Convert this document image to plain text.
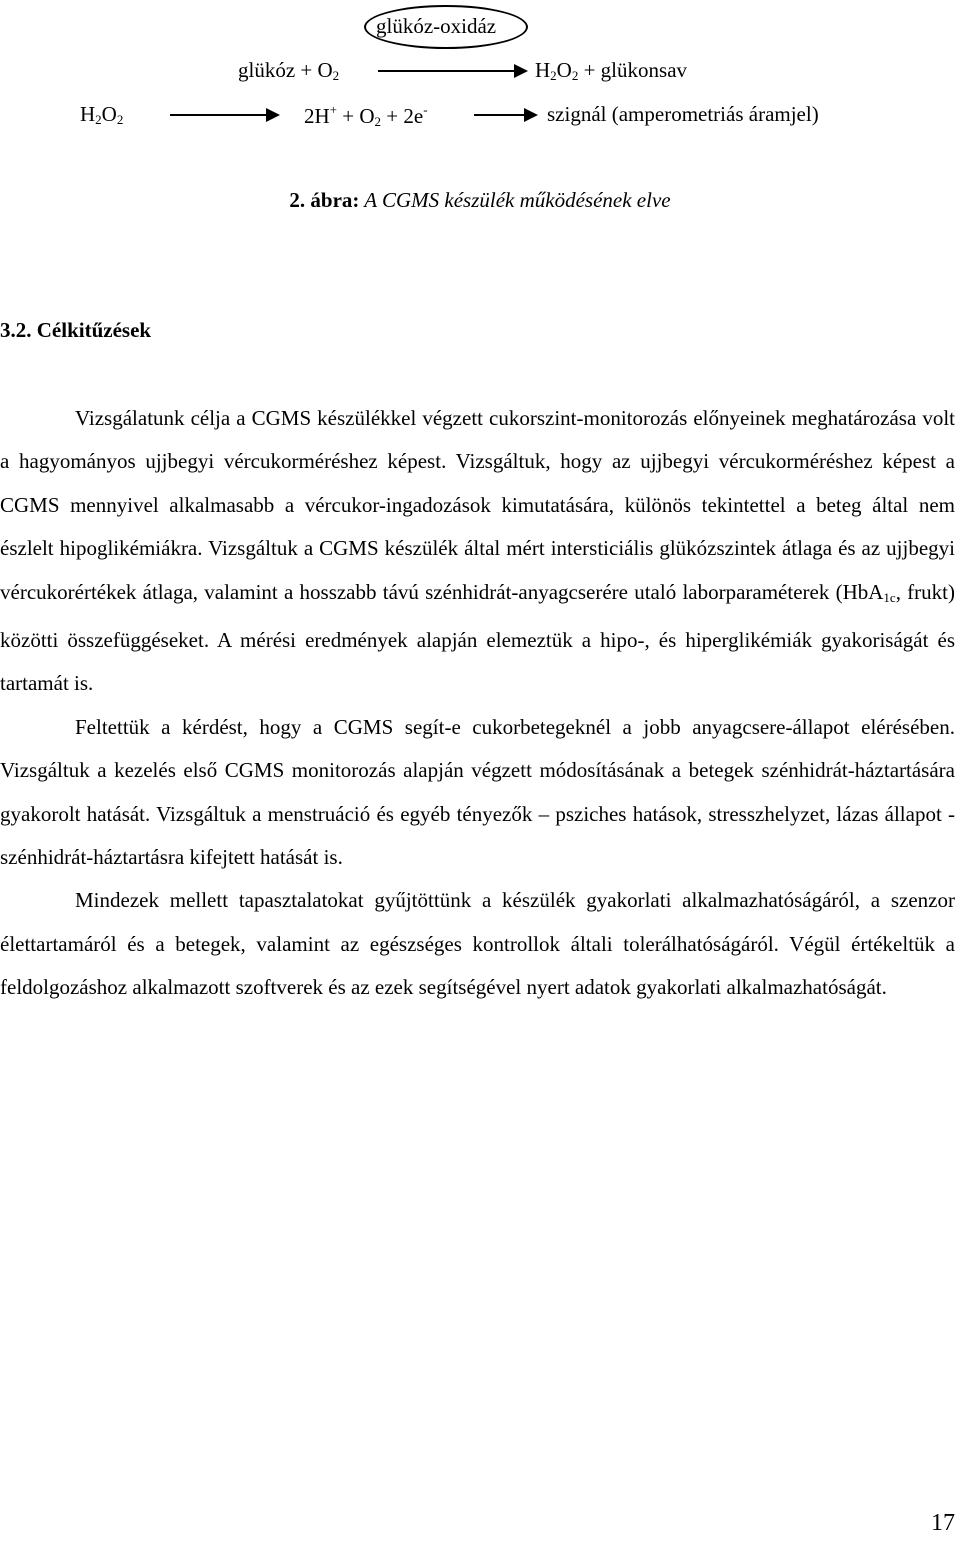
glükóz-oxidáz
glükóz + $O_2$	$H_2O_2$ + glükonsav
$H_2O_2$	$2H^+ + O_2 + 2e^-$	szignál (amperometriás áramjel)
2. ábra: A CGMS készülék működésének elve
3.2. Célkitűzések

Vizsgálatunk célja a CGMS készülékkel végzett cukorszint-monitorozás előnyeinek meghatározása volt a hagyományos ujjbegyi vércukorméréshez képest. Vizsgáltuk, hogy az ujjbegyi vércukorméréshez képest a CGMS mennyivel alkalmasabb a vércukor-ingadozások kimutatására, különös tekintettel a beteg által nem észlelt hipoglikémiákra. Vizsgáltuk a CGMS készülék által mért intersticiális glükózszintek átlaga és az ujjbegyi vércukorértékek átlaga, valamint a hosszabb távú szénhidrát-anyagcserére utaló laborparaméterek (HbA$_{1c}$, frukt) közötti összefüggéseket. A mérési eredmények alapján elemeztük a hipo-, és hiperglikémiák gyakoriságát és tartamát is.

Feltettük a kérdést, hogy a CGMS segít-e cukorbetegeknél a jobb anyagcsere-állapot elérésében. Vizsgáltuk a kezelés első CGMS monitorozás alapján végzett módosításának a betegek szénhidrát-háztartására gyakorolt hatását. Vizsgáltuk a menstruáció és egyéb tényezők – psziches hatások, stresszhelyzet, lázas állapot - szénhidrát-háztartásra kifejtett hatását is.

Mindezek mellett tapasztalatokat gyűjtöttünk a készülék gyakorlati alkalmazhatóságáról, a szenzor élettartamáról és a betegek, valamint az egészséges kontrollok általi tolerálhatóságáról. Végül értékeltük a feldolgozáshoz alkalmazott szoftverek és az ezek segítségével nyert adatok gyakorlati alkalmazhatóságát.

17
